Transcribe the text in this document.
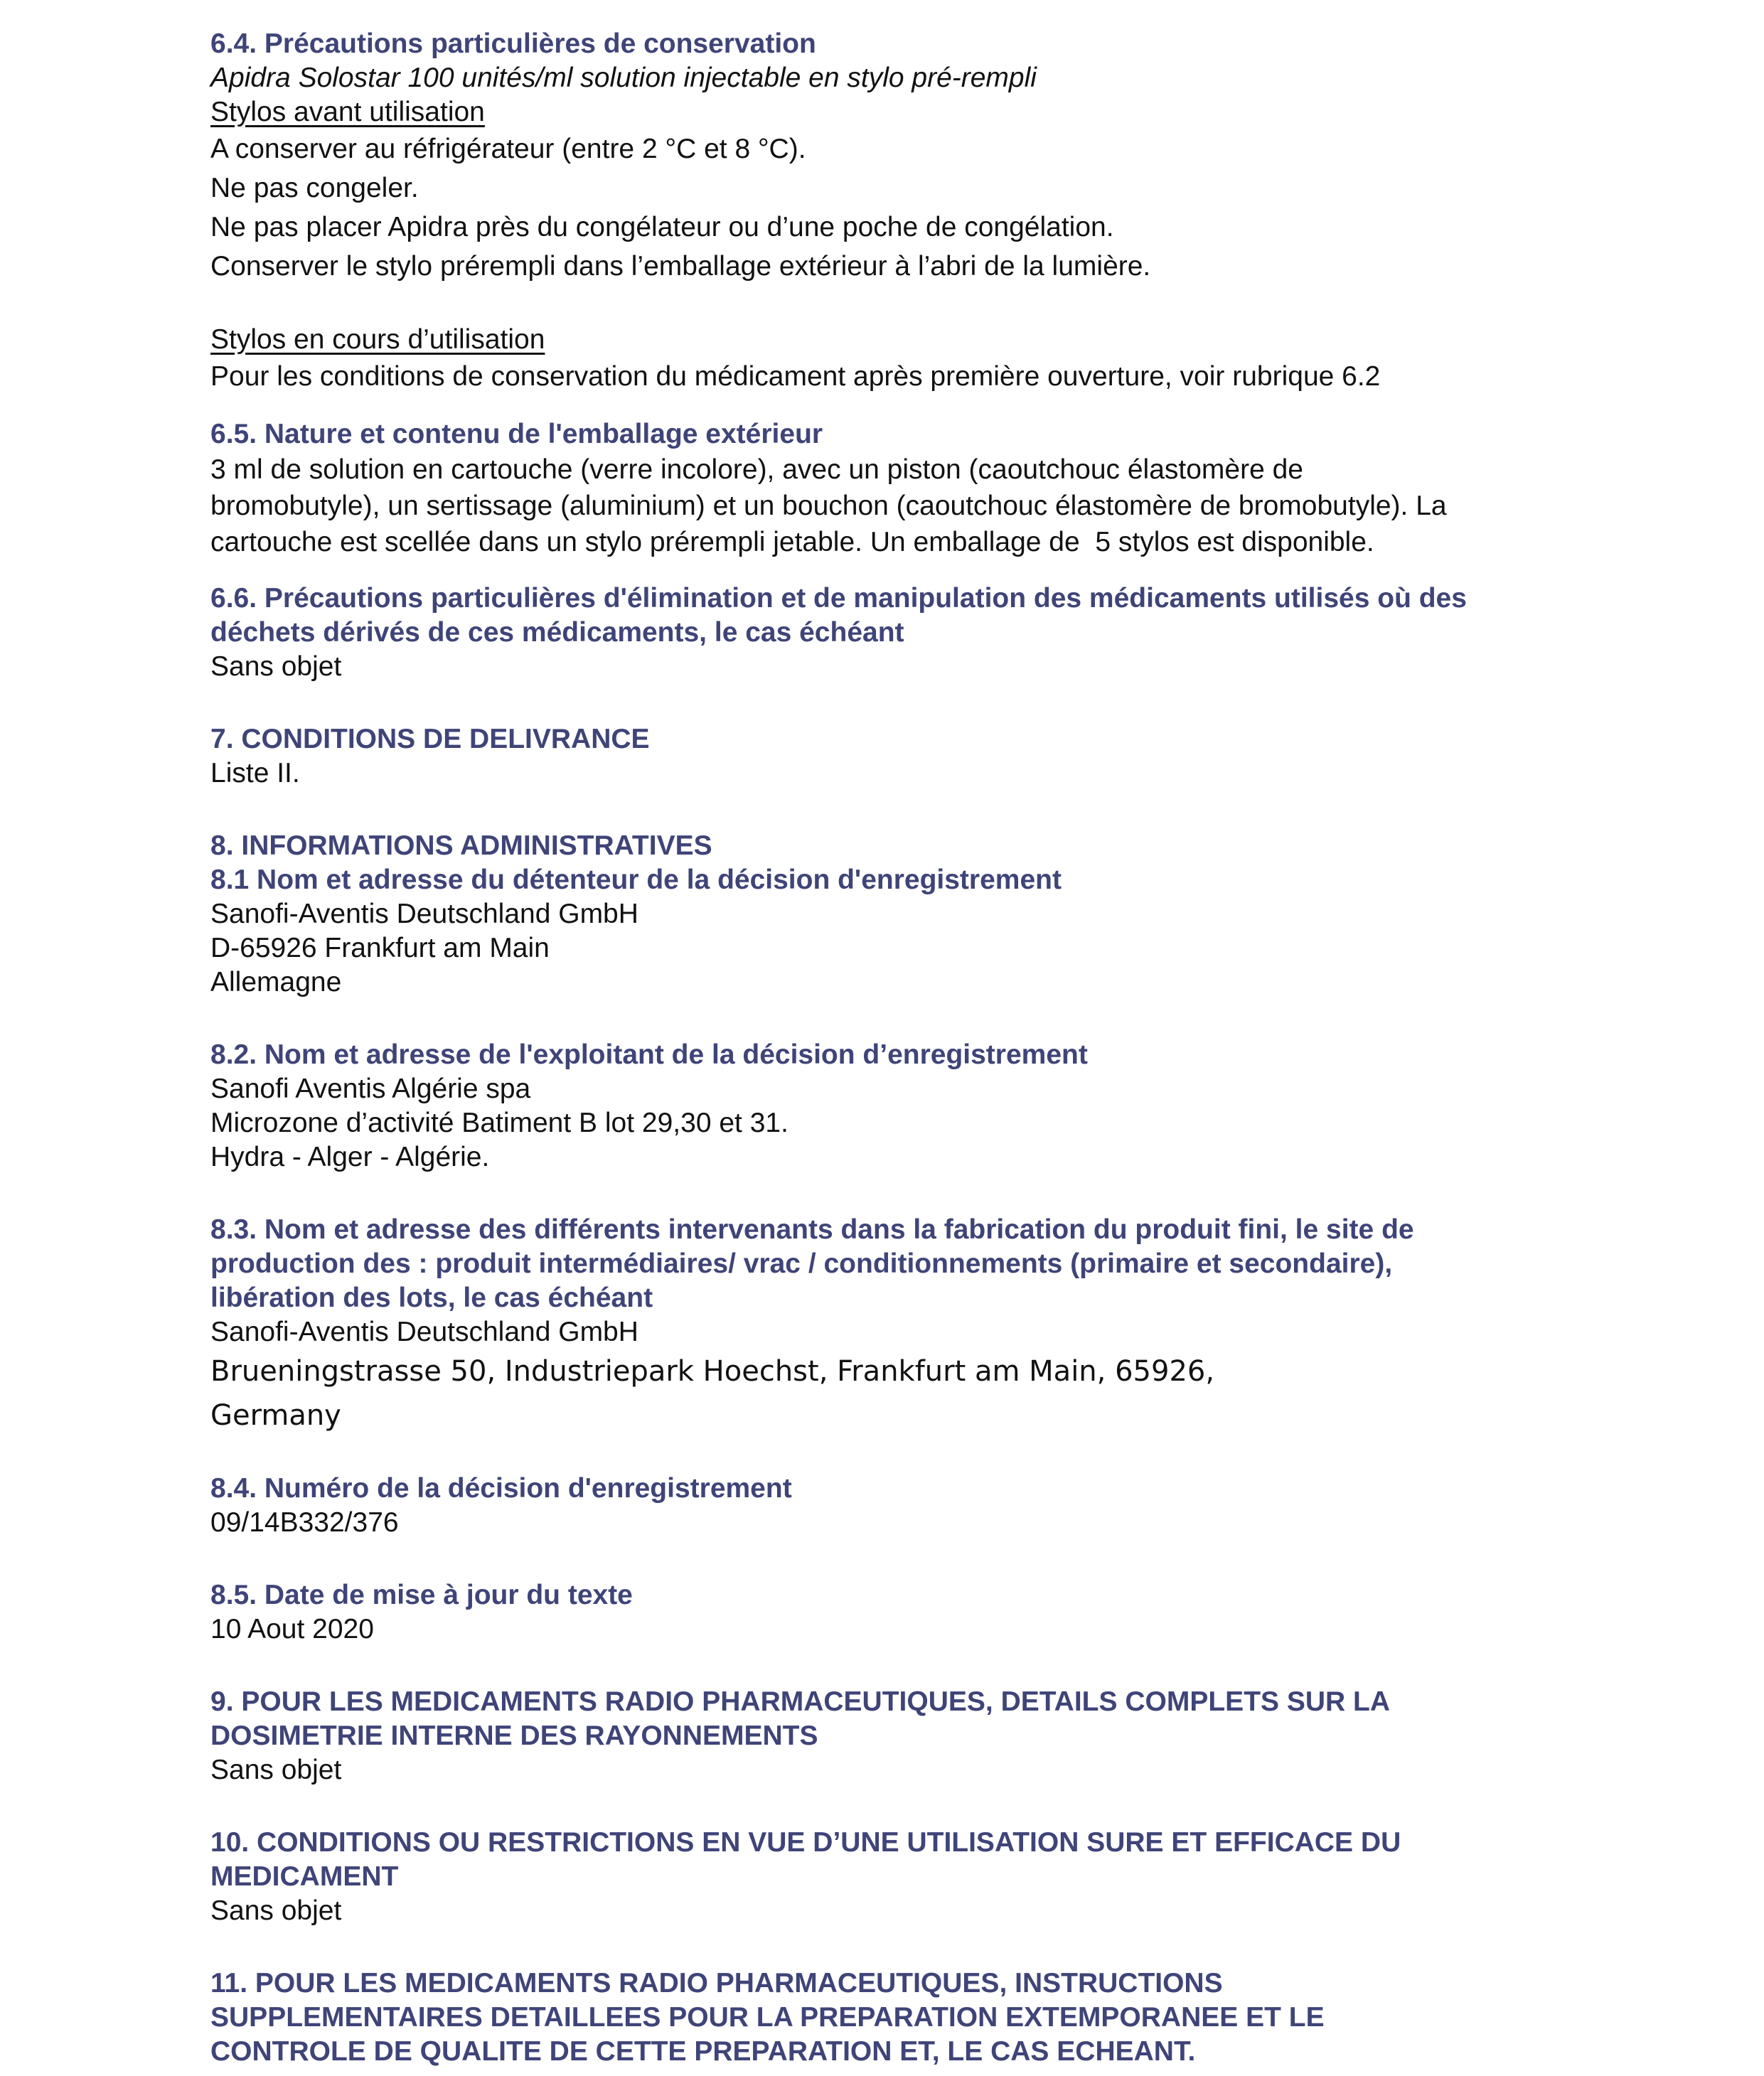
6.4. Précautions particulières de conservation

Apidra Solostar 100 unités/ml solution injectable en stylo pré-rempli

Stylos avant utilisation

A conserver au réfrigérateur (entre 2 °C et 8 °C).

Ne pas congeler.

Ne pas placer Apidra près du congélateur ou d’une poche de congélation.

Conserver le stylo prérempli dans l’emballage extérieur à l’abri de la lumière.

Stylos en cours d’utilisation

Pour les conditions de conservation du médicament après première ouverture, voir rubrique 6.2

6.5. Nature et contenu de l'emballage extérieur

3 ml de solution en cartouche (verre incolore), avec un piston (caoutchouc élastomère de

bromobutyle), un sertissage (aluminium) et un bouchon (caoutchouc élastomère de bromobutyle). La

cartouche est scellée dans un stylo prérempli jetable. Un emballage de  5 stylos est disponible.

6.6. Précautions particulières d'élimination et de manipulation des médicaments utilisés où des

déchets dérivés de ces médicaments, le cas échéant

Sans objet

7. CONDITIONS DE DELIVRANCE

Liste II.

8. INFORMATIONS ADMINISTRATIVES

8.1 Nom et adresse du détenteur de la décision d'enregistrement

Sanofi-Aventis Deutschland GmbH

D-65926 Frankfurt am Main

Allemagne

8.2. Nom et adresse de l'exploitant de la décision d’enregistrement

Sanofi Aventis Algérie spa

Microzone d’activité Batiment B lot 29,30 et 31.

Hydra - Alger - Algérie.

8.3. Nom et adresse des différents intervenants dans la fabrication du produit fini, le site de

production des : produit intermédiaires/ vrac / conditionnements (primaire et secondaire),

libération des lots, le cas échéant

Sanofi-Aventis Deutschland GmbH

Brueningstrasse 50, Industriepark Hoechst, Frankfurt am Main, 65926,

Germany

8.4. Numéro de la décision d'enregistrement

09/14B332/376

8.5. Date de mise à jour du texte

10 Aout 2020

9. POUR LES MEDICAMENTS RADIO PHARMACEUTIQUES, DETAILS COMPLETS SUR LA

DOSIMETRIE INTERNE DES RAYONNEMENTS

Sans objet

10. CONDITIONS OU RESTRICTIONS EN VUE D’UNE UTILISATION SURE ET EFFICACE DU

MEDICAMENT

Sans objet

11. POUR LES MEDICAMENTS RADIO PHARMACEUTIQUES, INSTRUCTIONS

SUPPLEMENTAIRES DETAILLEES POUR LA PREPARATION EXTEMPORANEE ET LE

CONTROLE DE QUALITE DE CETTE PREPARATION ET, LE CAS ECHEANT.
